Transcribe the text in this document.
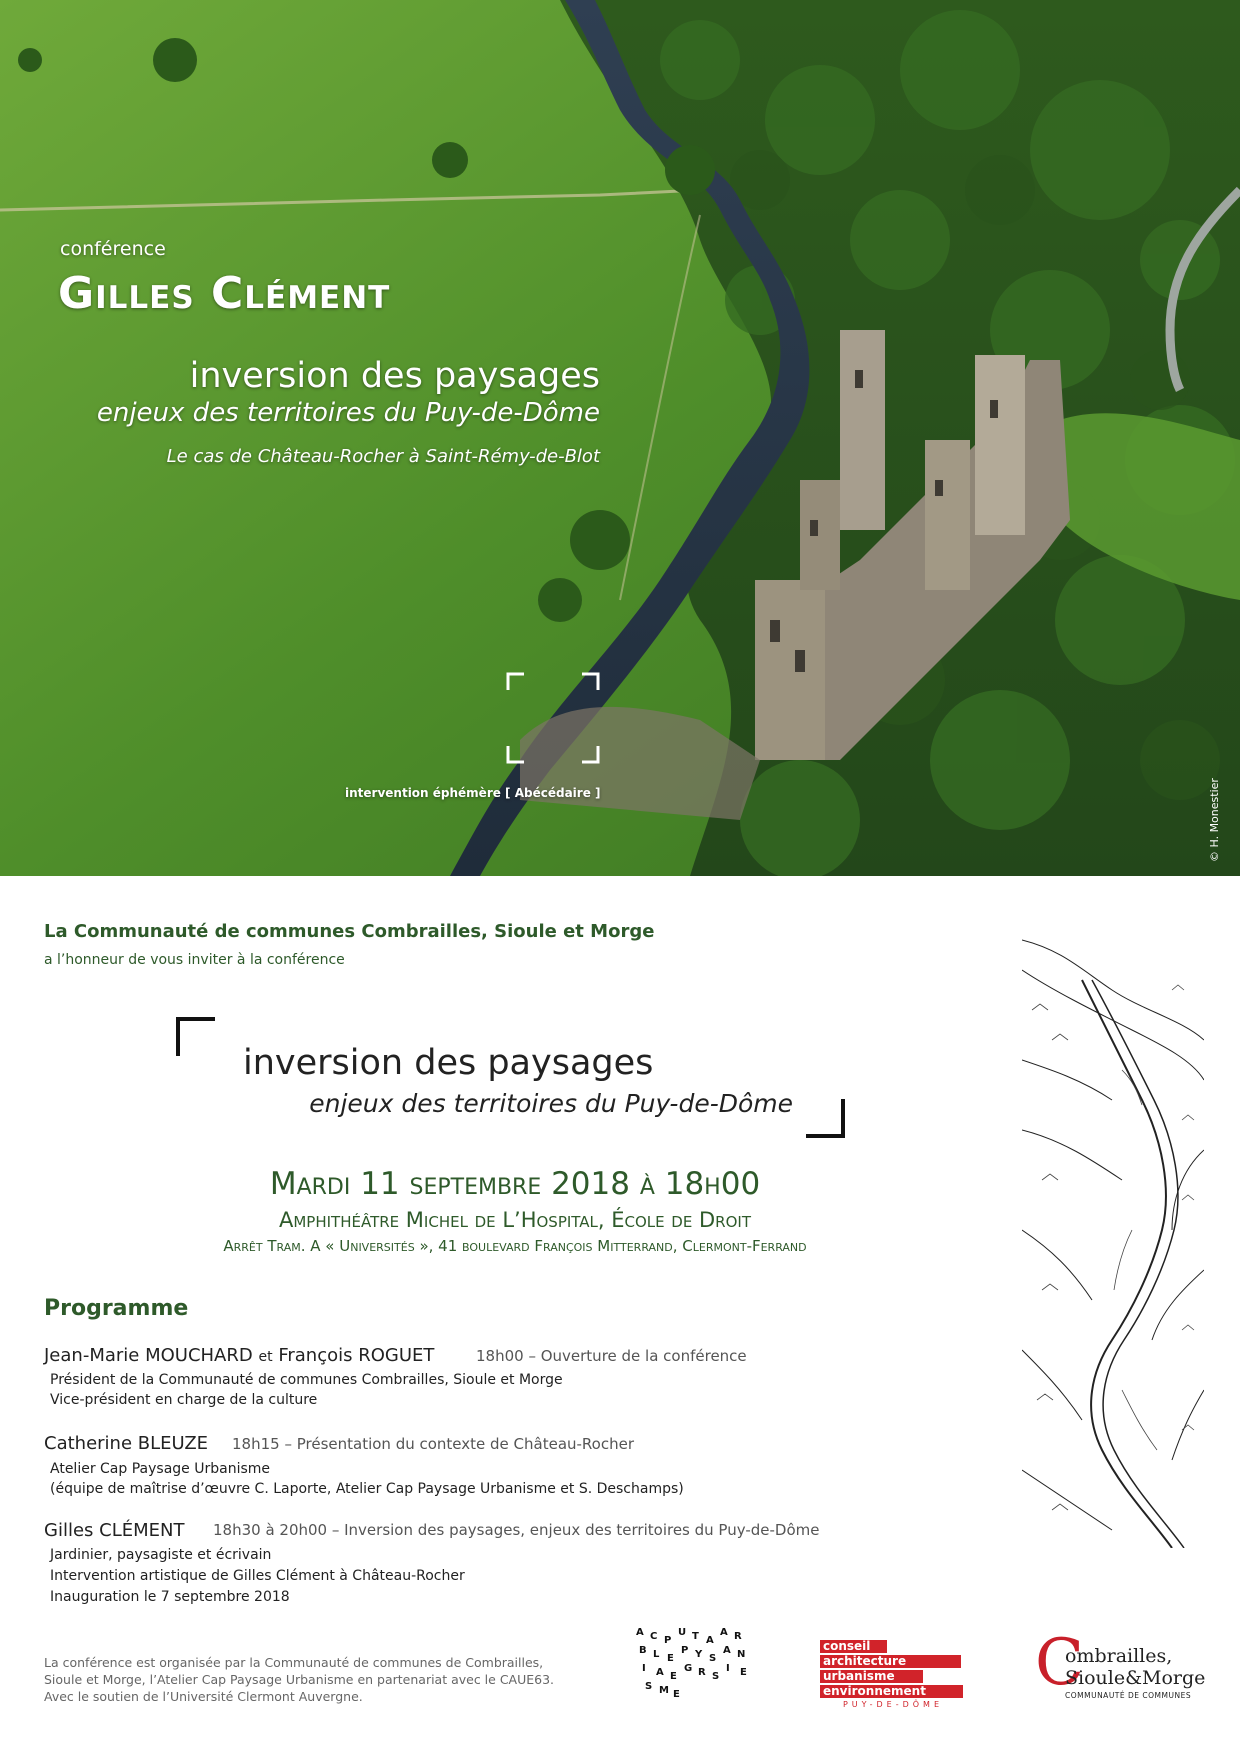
conférence
Gilles Clément
inversion des paysages
enjeux des territoires du Puy-de-Dôme
Le cas de Château-Rocher à Saint-Rémy-de-Blot
intervention éphémère [ Abécédaire ]	© H. Monestier
La Communauté de communes Combrailles, Sioule et Morge
a l’honneur de vous inviter à la conférence
inversion des paysages
enjeux des territoires du Puy-de-Dôme
Mardi 11 septembre 2018 à 18h00
Amphithéâtre Michel de L’Hospital, École de Droit
Arrêt Tram. A « Universités », 41 boulevard François Mitterrand, Clermont-Ferrand
Programme
Jean-Marie MOUCHARD et François ROGUET	18h00 – Ouverture de la conférence
Président de la Communauté de communes Combrailles, Sioule et Morge
Vice-président en charge de la culture
Catherine BLEUZE 18h15 – Présentation du contexte de Château-Rocher
Atelier Cap Paysage Urbanisme
(équipe de maîtrise d’œuvre C. Laporte, Atelier Cap Paysage Urbanisme et S. Deschamps)
Gilles CLÉMENT 18h30 à 20h00 – Inversion des paysages, enjeux des territoires du Puy-de-Dôme
Jardinier, paysagiste et écrivain
Intervention artistique de Gilles Clément à Château-Rocher
Inauguration le 7 septembre 2018
La conférence est organisée par la Communauté de communes de Combrailles,
Sioule et Morge, l’Atelier Cap Paysage Urbanisme en partenariat avec le CAUE63.
Avec le soutien de l’Université Clermont Auvergne.
A C P
U T A
A R
B L E
P Y S
A N
I A E
G R S
I E
S M E
conseil
architecture
urbanisme
environnement
PUY-DE-DÔME
C
ombrailles,
Sioule&Morge
COMMUNAUTÉ DE COMMUNES
